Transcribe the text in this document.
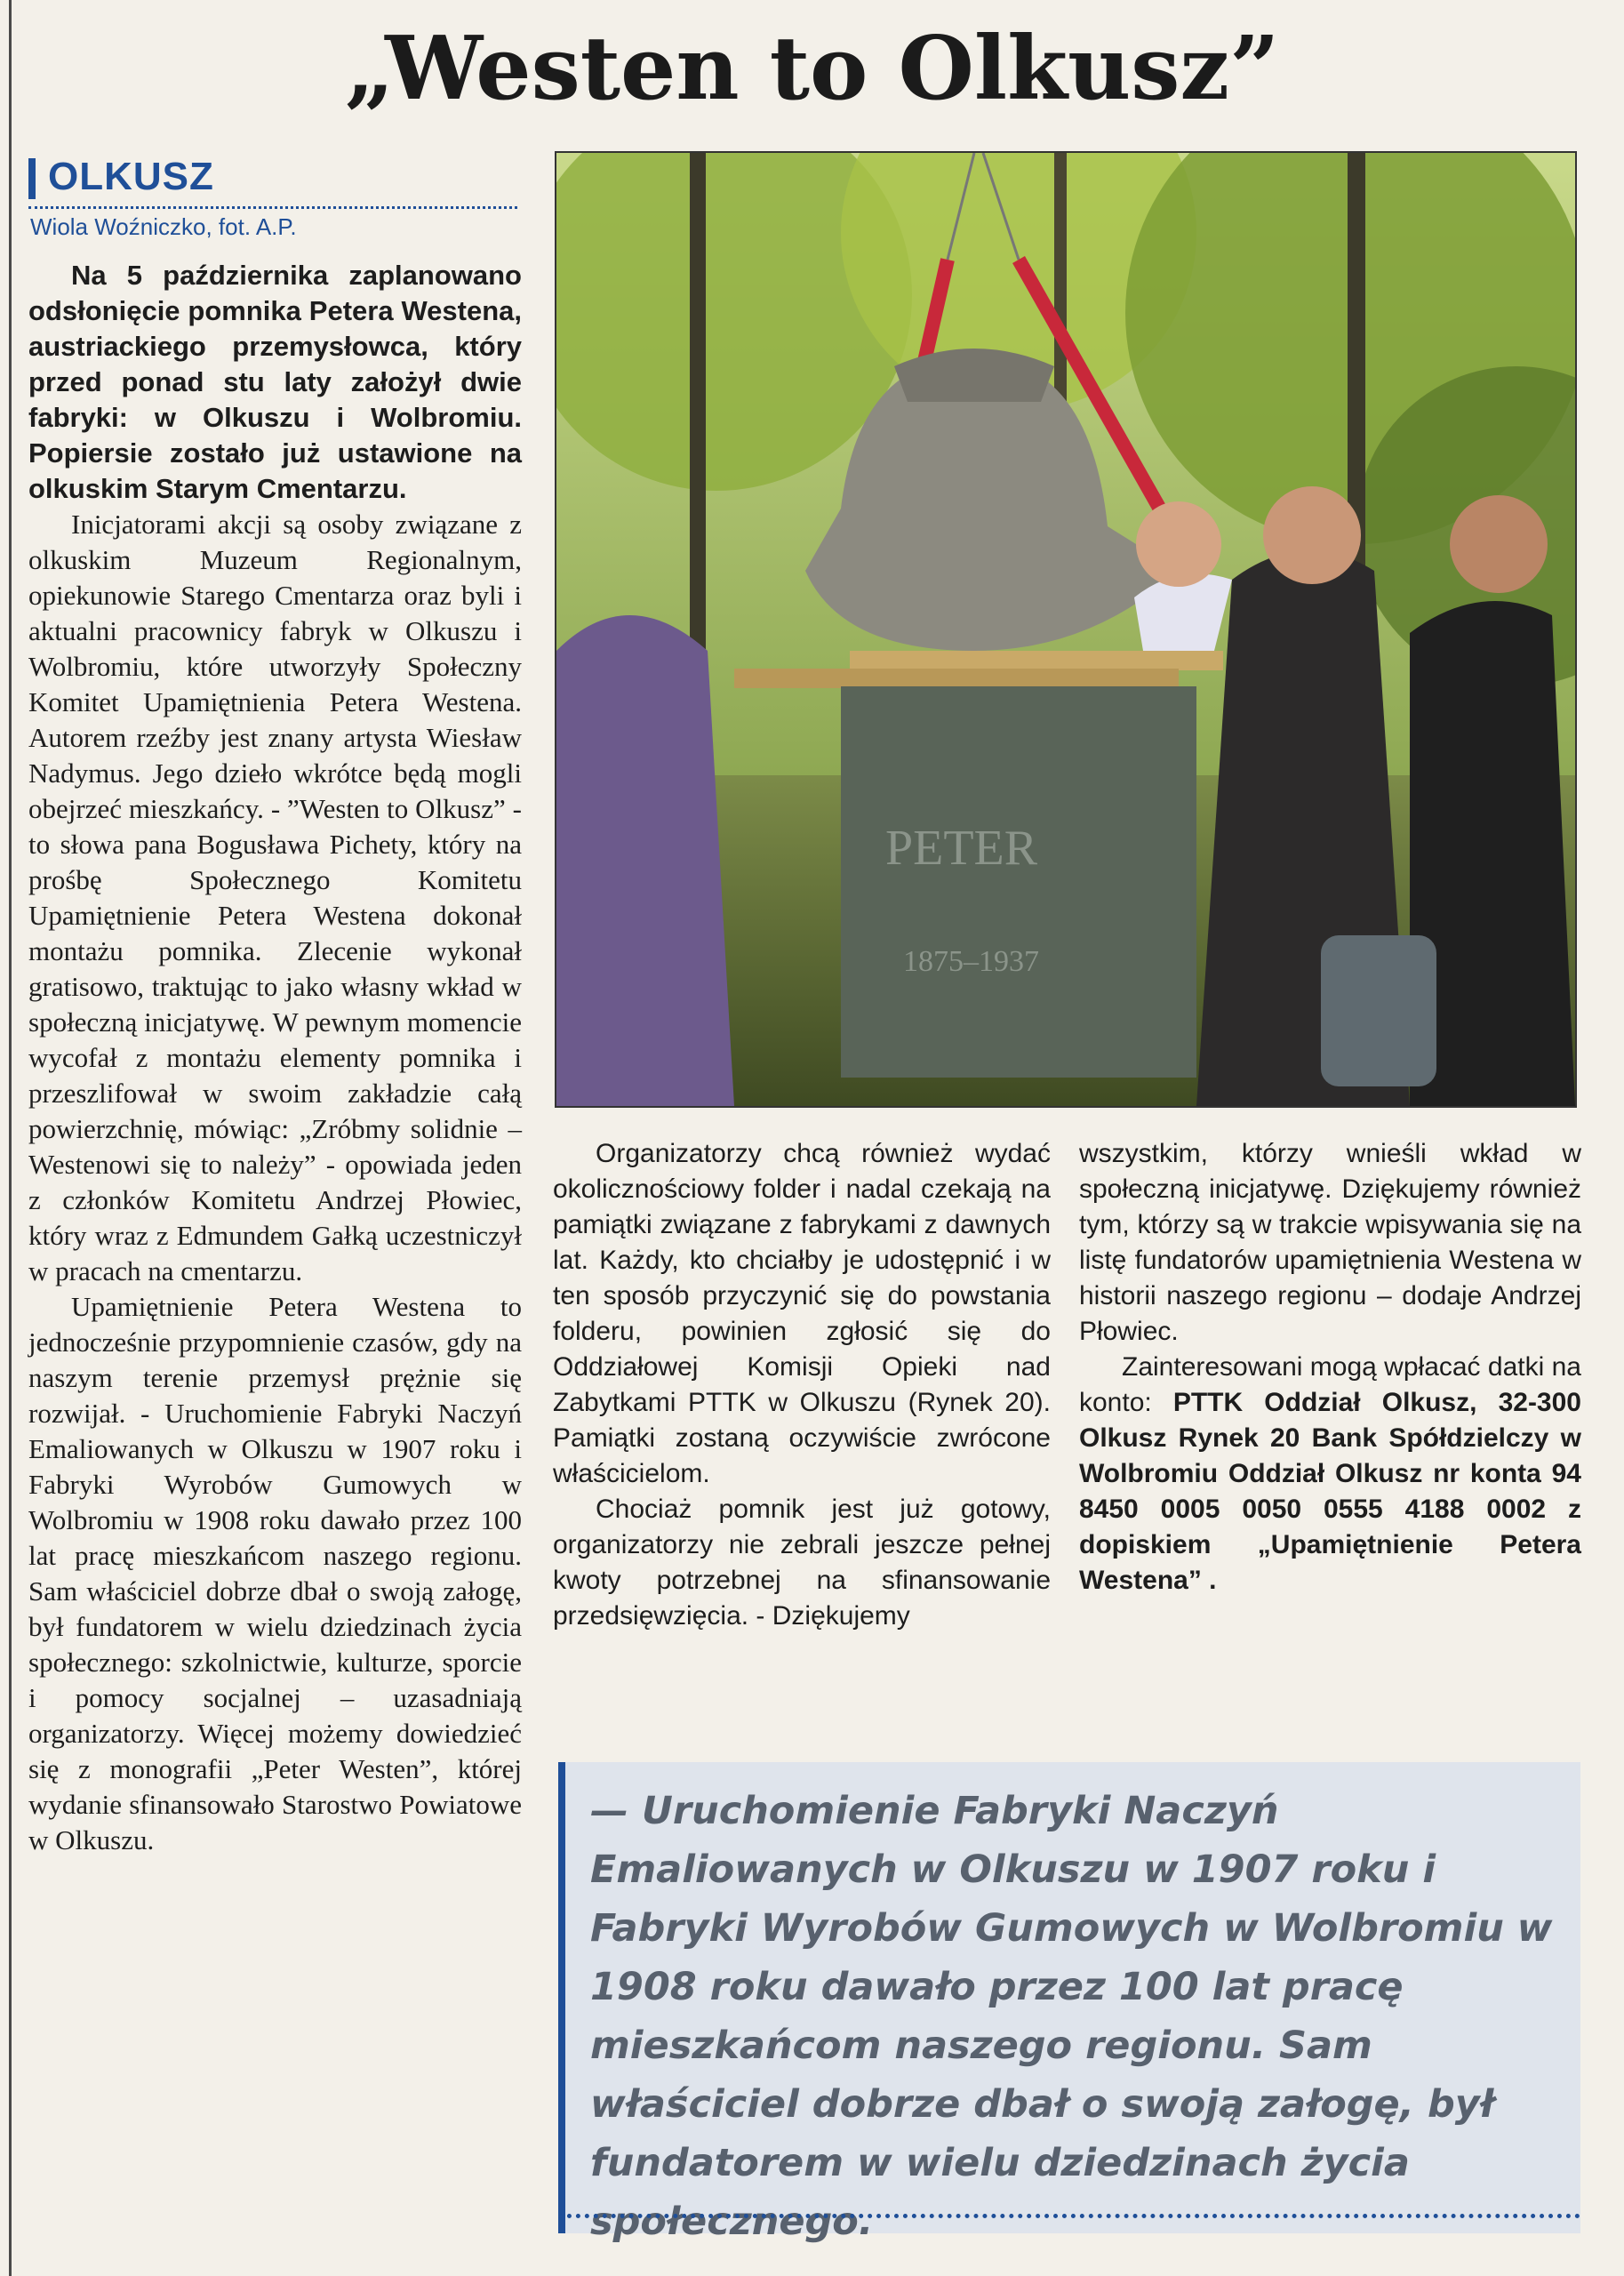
„Westen to Olkusz”
OLKUSZ
Wiola Woźniczko, fot. A.P.

Na 5 października zaplanowano odsłonięcie pomnika Petera Westena, austriackiego przemysłowca, który przed ponad stu laty założył dwie fabryki: w Olkuszu i Wolbromiu. Popiersie zostało już ustawione na olkuskim Starym Cmentarzu.

Inicjatorami akcji są osoby związane z olkuskim Muzeum Regionalnym, opiekunowie Starego Cmentarza oraz byli i aktualni pracownicy fabryk w Olkuszu i Wolbromiu, które utworzyły Społeczny Komitet Upamiętnienia Petera Westena. Autorem rzeźby jest znany artysta Wiesław Nadymus. Jego dzieło wkrótce będą mogli obejrzeć mieszkańcy. - ”Westen to Olkusz” - to słowa pana Bogusława Pichety, który na prośbę Społecznego Komitetu Upamiętnienie Petera Westena dokonał montażu pomnika. Zlecenie wykonał gratisowo, traktując to jako własny wkład w społeczną inicjatywę. W pewnym momencie wycofał z montażu elementy pomnika i przeszlifował w swoim zakładzie całą powierzchnię, mówiąc: „Zróbmy solidnie – Westenowi się to należy” - opowiada jeden z członków Komitetu Andrzej Płowiec, który wraz z Edmundem Gałką uczestniczył w pracach na cmentarzu.

Upamiętnienie Petera Westena to jednocześnie przypomnienie czasów, gdy na naszym terenie przemysł prężnie się rozwijał. - Uruchomienie Fabryki Naczyń Emaliowanych w Olkuszu w 1907 roku i Fabryki Wyrobów Gumowych w Wolbromiu w 1908 roku dawało przez 100 lat pracę mieszkańcom naszego regionu. Sam właściciel dobrze dbał o swoją załogę, był fundatorem w wielu dziedzinach życia społecznego: szkolnictwie, kulturze, sporcie i pomocy socjalnej – uzasadniają organizatorzy. Więcej możemy dowiedzieć się z monografii „Peter Westen”, której wydanie sfinansowało Starostwo Powiatowe w Olkuszu.

PETER
1875–1937

Organizatorzy chcą również wydać okolicznościowy folder i nadal czekają na pamiątki związane z fabrykami z dawnych lat. Każdy, kto chciałby je udostępnić i w ten sposób przyczynić się do powstania folderu, powinien zgłosić się do Oddziałowej Komisji Opieki nad Zabytkami PTTK w Olkuszu (Rynek 20). Pamiątki zostaną oczywiście zwrócone właścicielom.

Chociaż pomnik jest już gotowy, organizatorzy nie zebrali jeszcze pełnej kwoty potrzebnej na sfinansowanie przedsięwzięcia. - Dziękujemy

wszystkim, którzy wnieśli wkład w społeczną inicjatywę. Dziękujemy również tym, którzy są w trakcie wpisywania się na listę fundatorów upamiętnienia Westena w historii naszego regionu – dodaje Andrzej Płowiec.

Zainteresowani mogą wpłacać datki na konto: PTTK Oddział Olkusz, 32-300 Olkusz Rynek 20 Bank Spółdzielczy w Wolbromiu Oddział Olkusz nr konta 94 8450 0005 0050 0555 4188 0002 z dopiskiem „Upamiętnienie Petera Westena” .

— Uruchomienie Fabryki Naczyń Emaliowanych w Olkuszu w 1907 roku i Fabryki Wyrobów Gumowych w Wolbromiu w 1908 roku dawało przez 100 lat pracę mieszkańcom naszego regionu. Sam właściciel dobrze dbał o swoją załogę, był fundatorem w wielu dziedzinach życia społecznego.
